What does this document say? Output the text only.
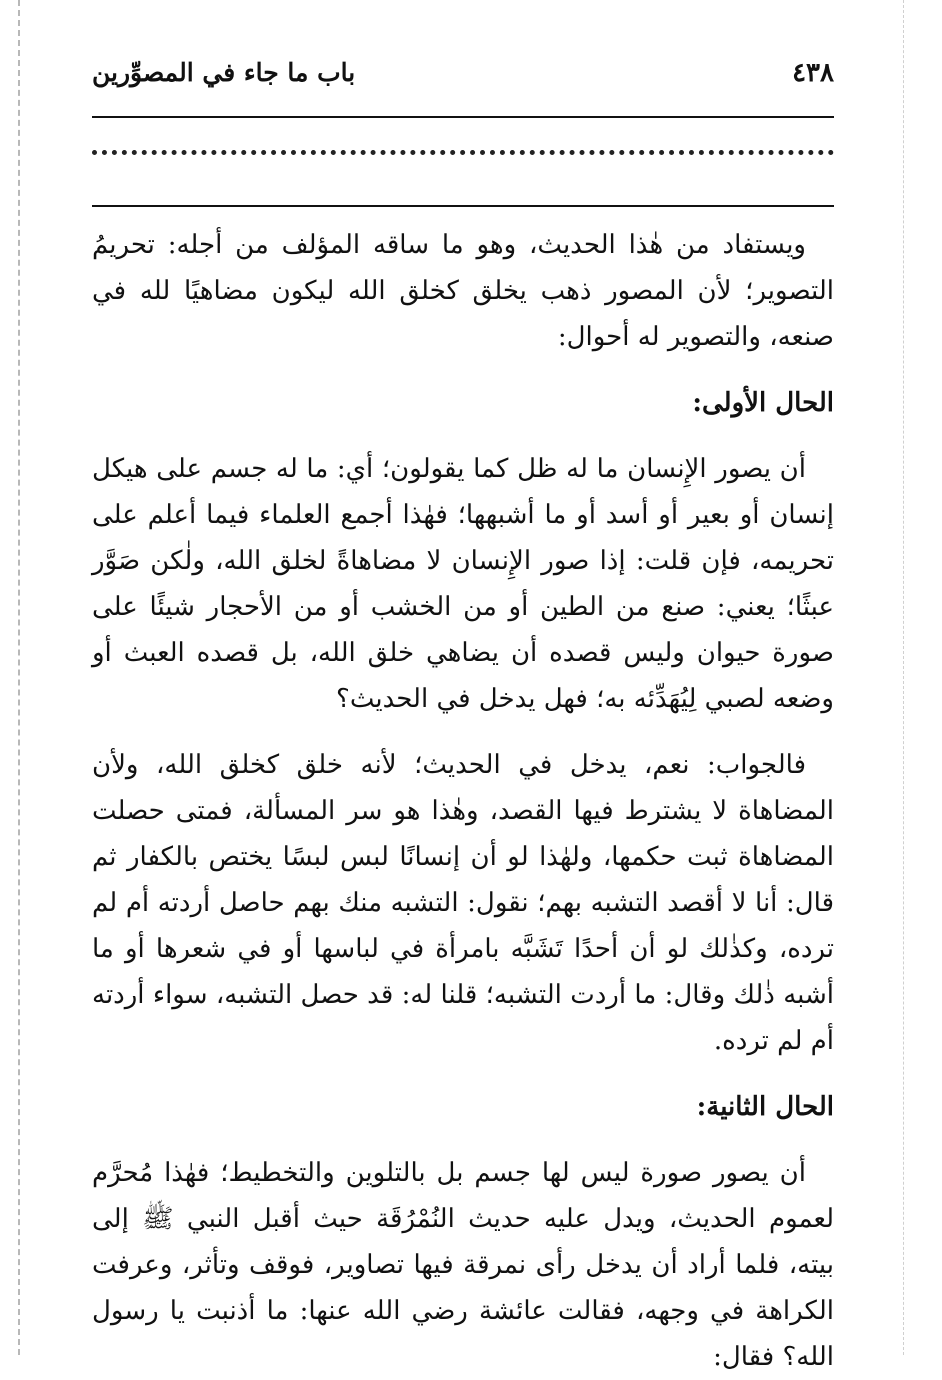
٤٣٨
باب ما جاء في المصوِّرين

ويستفاد من هٰذا الحديث، وهو ما ساقه المؤلف من أجله: تحريمُ التصوير؛ لأن المصور ذهب يخلق كخلق الله ليكون مضاهيًا لله في صنعه، والتصوير له أحوال:

الحال الأولى:

أن يصور الإِنسان ما له ظل كما يقولون؛ أي: ما له جسم على هيكل إنسان أو بعير أو أسد أو ما أشبهها؛ فهٰذا أجمع العلماء فيما أعلم على تحريمه، فإن قلت: إذا صور الإِنسان لا مضاهاةً لخلق الله، ولٰكن صَوَّر عبثًا؛ يعني: صنع من الطين أو من الخشب أو من الأحجار شيئًا على صورة حيوان وليس قصده أن يضاهي خلق الله، بل قصده العبث أو وضعه لصبي لِيُهَدِّئه به؛ فهل يدخل في الحديث؟

فالجواب: نعم، يدخل في الحديث؛ لأنه خلق كخلق الله، ولأن المضاهاة لا يشترط فيها القصد، وهٰذا هو سر المسألة، فمتى حصلت المضاهاة ثبت حكمها، ولهٰذا لو أن إنسانًا لبس لبسًا يختص بالكفار ثم قال: أنا لا أقصد التشبه بهم؛ نقول: التشبه منك بهم حاصل أردته أم لم ترده، وكذٰلك لو أن أحدًا تَشَبَّه بامرأة في لباسها أو في شعرها أو ما أشبه ذٰلك وقال: ما أردت التشبه؛ قلنا له: قد حصل التشبه، سواء أردته أم لم ترده.

الحال الثانية:

أن يصور صورة ليس لها جسم بل بالتلوين والتخطيط؛ فهٰذا مُحرَّم لعموم الحديث، ويدل عليه حديث النُمْرُقَة حيث أقبل النبي ﷺ إلى بيته، فلما أراد أن يدخل رأى نمرقة فيها تصاوير، فوقف وتأثر، وعرفت الكراهة في وجهه، فقالت عائشة رضي الله عنها: ما أذنبت يا رسول الله؟ فقال:
